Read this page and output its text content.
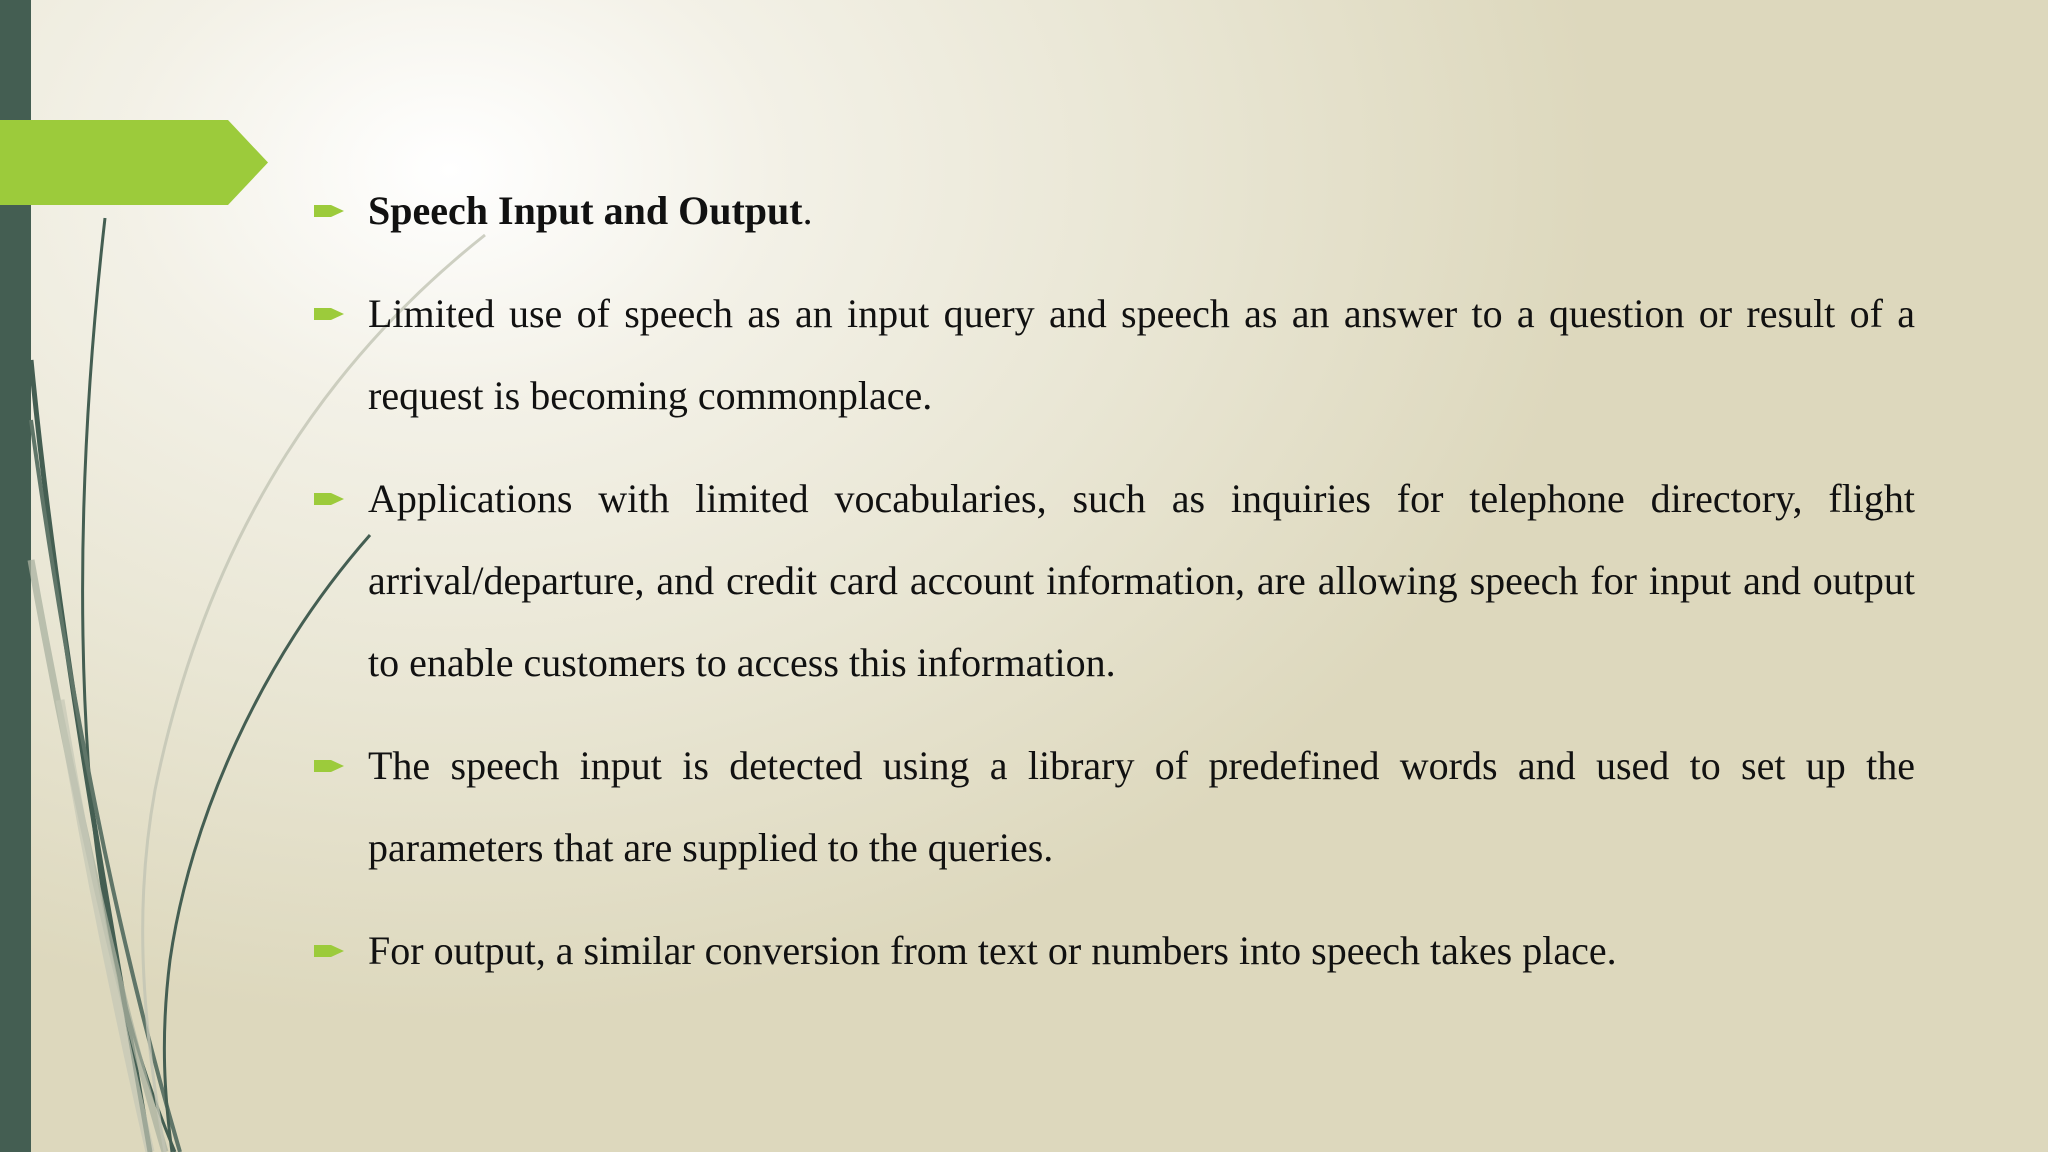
Speech Input and Output.
Limited use of speech as an input query and speech as an answer to a question or result of a request is becoming commonplace.
Applications with limited vocabularies, such as inquiries for telephone directory, flight arrival/departure, and credit card account information, are allowing speech for input and output to enable customers to access this information.
The speech input is detected using a library of predefined words and used to set up the parameters that are supplied to the queries.
For output, a similar conversion from text or numbers into speech takes place.
